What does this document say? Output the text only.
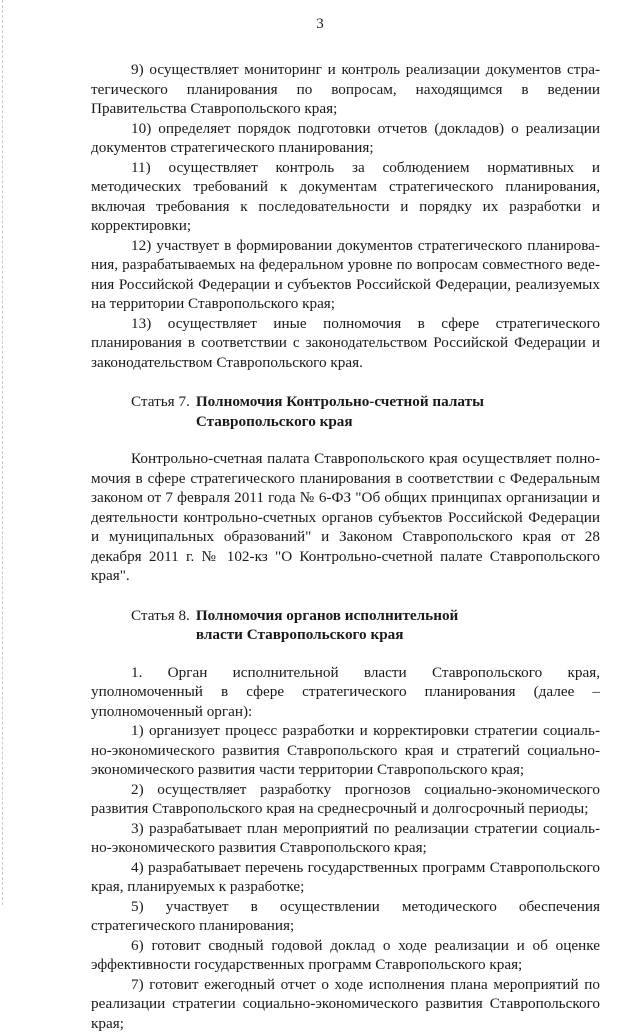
3

9) осуществляет мониторинг и контроль реализации документов стратегического планирования по вопросам, находящимся в ведении Правительства Ставропольского края;

10) определяет порядок подготовки отчетов (докладов) о реализации документов стратегического планирования;

11) осуществляет контроль за соблюдением нормативных и методических требований к документам стратегического планирования, включая требования к последовательности и порядку их разработки и корректировки;

12) участвует в формировании документов стратегического планирования, разрабатываемых на федеральном уровне по вопросам совместного ведения Российской Федерации и субъектов Российской Федерации, реализуемых на территории Ставропольского края;

13) осуществляет иные полномочия в сфере стратегического планирования в соответствии с законодательством Российской Федерации и законодательством Ставропольского края.

Статья 7. Полномочия Контрольно-счетной палаты Ставропольского края

Контрольно-счетная палата Ставропольского края осуществляет полномочия в сфере стратегического планирования в соответствии с Федеральным законом от 7 февраля 2011 года № 6-ФЗ "Об общих принципах организации и деятельности контрольно-счетных органов субъектов Российской Федерации и муниципальных образований" и Законом Ставропольского края от 28 декабря 2011 г. № 102-кз "О Контрольно-счетной палате Ставропольского края".

Статья 8. Полномочия органов исполнительной власти Ставропольского края

1. Орган исполнительной власти Ставропольского края, уполномоченный в сфере стратегического планирования (далее – уполномоченный орган):

1) организует процесс разработки и корректировки стратегии социально-экономического развития Ставропольского края и стратегий социально-экономического развития части территории Ставропольского края;

2) осуществляет разработку прогнозов социально-экономического развития Ставропольского края на среднесрочный и долгосрочный периоды;

3) разрабатывает план мероприятий по реализации стратегии социально-экономического развития Ставропольского края;

4) разрабатывает перечень государственных программ Ставропольского края, планируемых к разработке;

5) участвует в осуществлении методического обеспечения стратегического планирования;

6) готовит сводный годовой доклад о ходе реализации и об оценке эффективности государственных программ Ставропольского края;

7) готовит ежегодный отчет о ходе исполнения плана мероприятий по реализации стратегии социально-экономического развития Ставропольского края;
